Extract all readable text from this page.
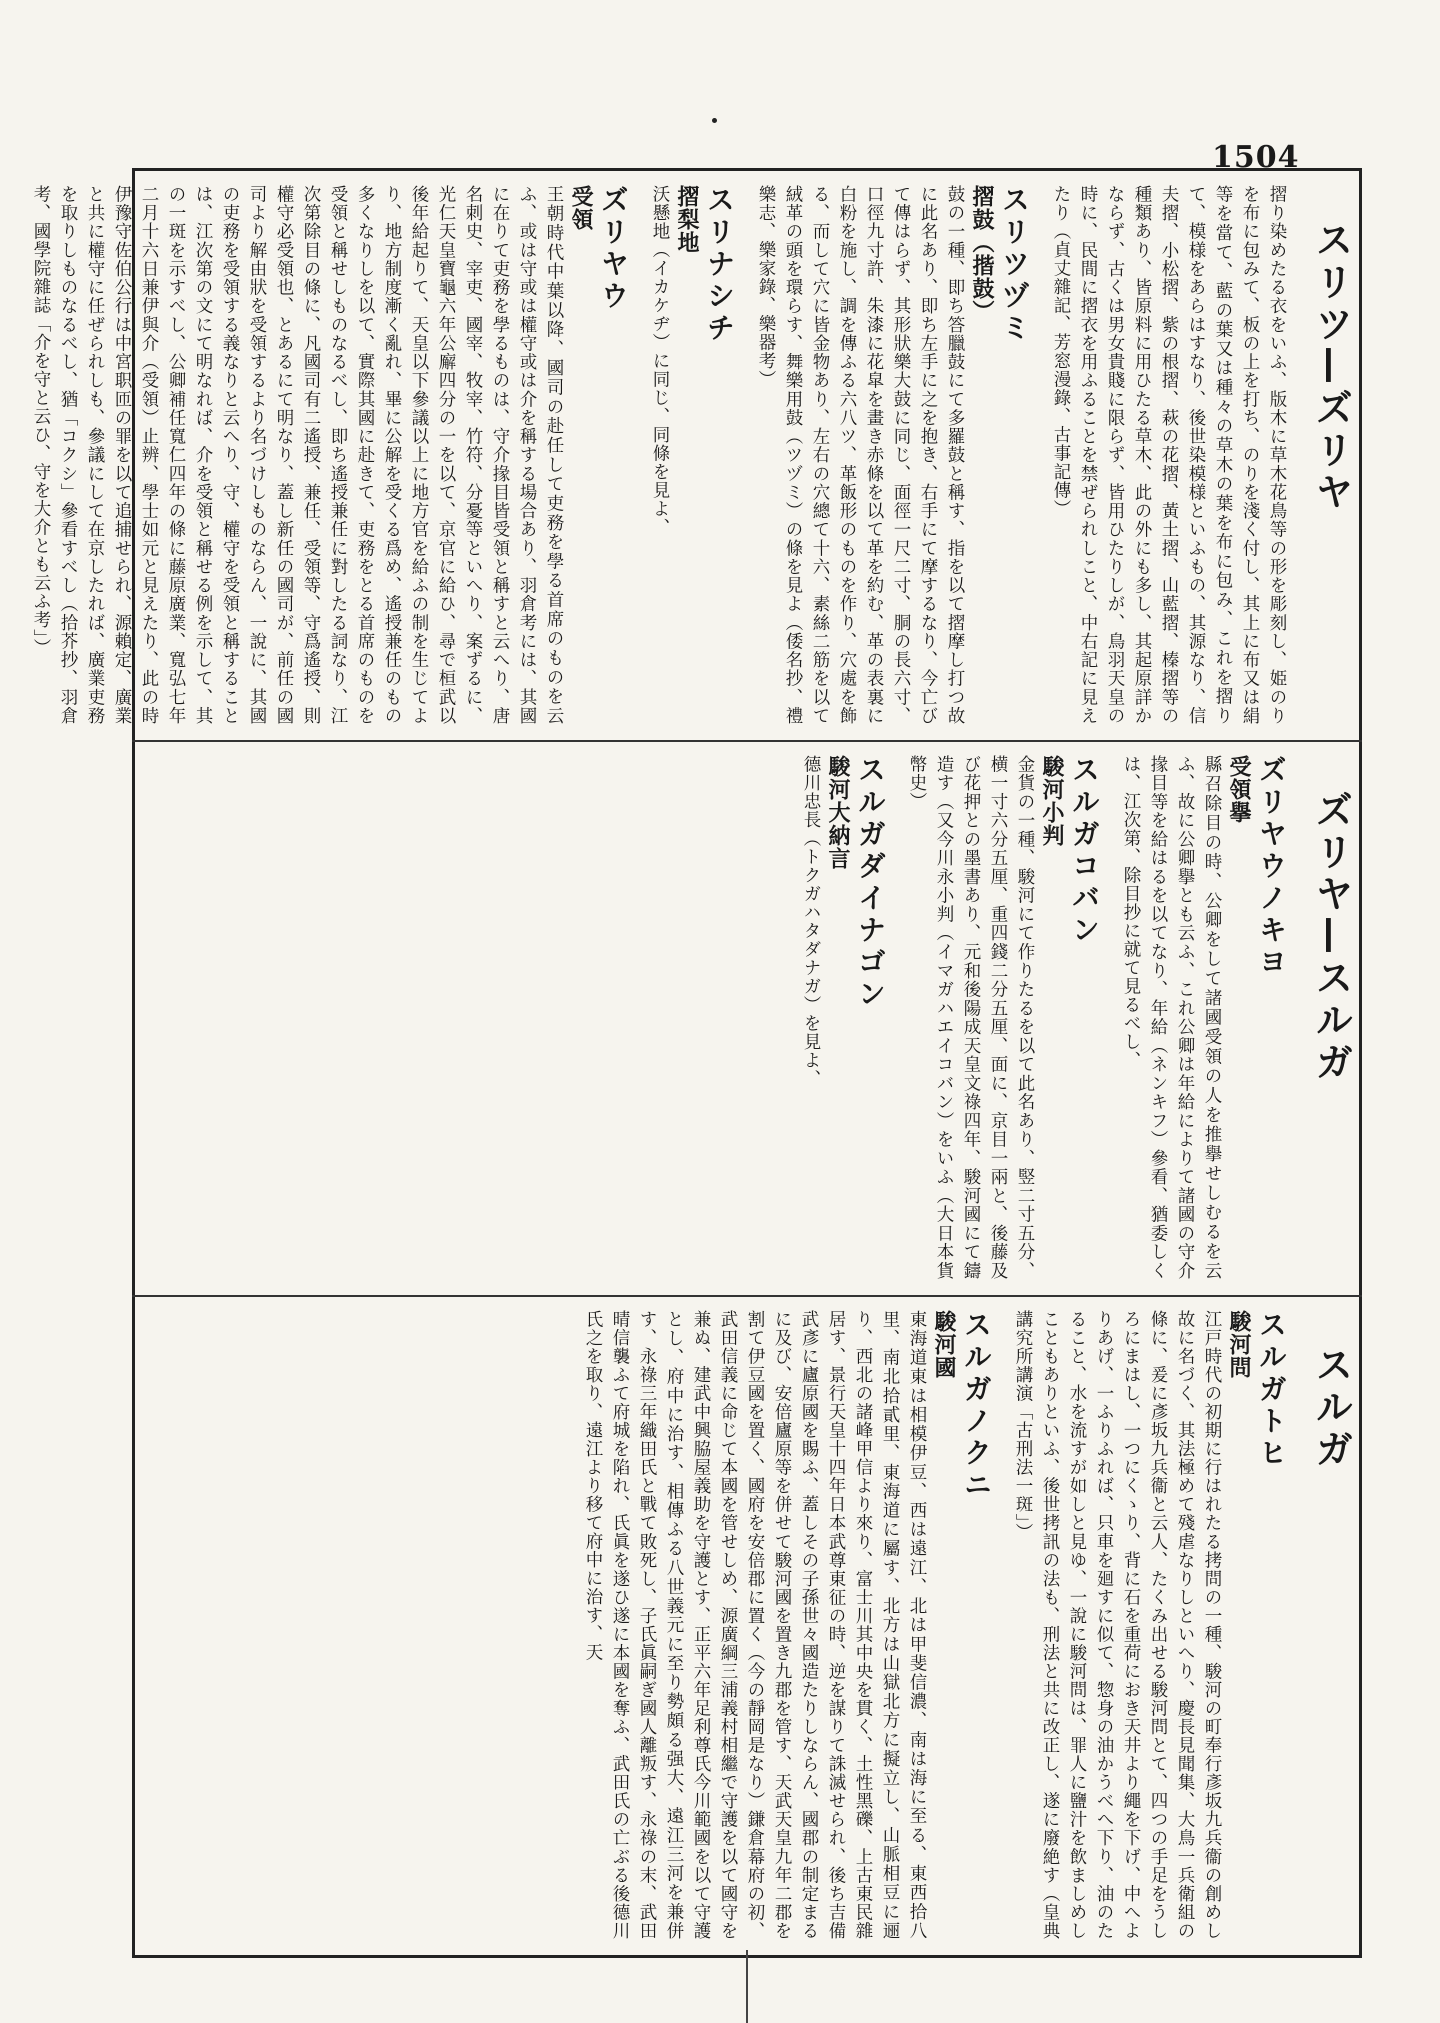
1504
スリツ—ズリヤ
ズリヤ—スルガ
スルガ
摺り染めたる衣をいふ、版木に草木花鳥等の形を彫刻し、姫のりを布に包みて、板の上を打ち、のりを淺く付し、其上に布又は絹等を當て、藍の葉又は種々の草木の葉を布に包み、これを摺りて、模様をあらはすなり、後世染模様といふもの、其源なり、信夫摺、小松摺、紫の根摺、萩の花摺、黃土摺、山藍摺、榛摺等の種類あり、皆原料に用ひたる草木、此の外にも多し、其起原詳かならず、古くは男女貴賤に限らず、皆用ひたりしが、鳥羽天皇の時に、民間に摺衣を用ふることを禁ぜられしこと、中右記に見えたり（貞丈雜記、芳窓漫錄、古事記傳）
スリツヅミ
摺鼓（揩鼓）
鼓の一種、即ち答臘鼓にて多羅鼓と稱す、指を以て摺摩し打つ故に此名あり、即ち左手に之を抱き、右手にて摩するなり、今亡びて傳はらず、其形狀樂大鼓に同じ、面徑一尺二寸、胴の長六寸、口徑九寸許、朱漆に花皐を畫き赤條を以て革を約む、革の表裏に白粉を施し、調を傳ふる六八ツ、革飯形のものを作り、穴處を飾る、而して穴に皆金物あり、左右の穴總て十六、素絲二筋を以て絨革の頭を環らす、舞樂用鼓（ツヅミ）の條を見よ（倭名抄、禮樂志、樂家錄、樂器考）
スリナシチ
摺梨地
沃懸地（イカケヂ）に同じ、同條を見よ、
ズリヤウ
受領
王朝時代中葉以降、國司の赴任して吏務を學る首席のものを云ふ、或は守或は權守或は介を稱する場合あり、羽倉考には、其國に在りて吏務を學るものは、守介掾目皆受領と稱すと云へり、唐名刺史、宰吏、國宰、牧宰、竹符、分憂等といへり、案ずるに、光仁天皇寶龜六年公廨四分の一を以て、京官に給ひ、尋で桓武以後年給起りて、天皇以下參議以上に地方官を給ふの制を生じてより、地方制度漸く亂れ、畢に公解を受くる爲め、遙授兼任のもの多くなりしを以て、實際其國に赴きて、吏務をとる首席のものを受領と稱せしものなるべし、即ち遙授兼任に對したる詞なり、江次第除目の條に、凡國司有二遙授、兼任、受領等、守爲遙授、則權守必受領也、とあるにて明なり、蓋し新任の國司が、前任の國司より解由狀を受領するより名づけしものならん、一說に、其國の吏務を受領する義なりと云へり、守、權守を受領と稱することは、江次第の文にて明なれば、介を受領と稱せる例を示して、其の一斑を示すべし、公卿補任寬仁四年の條に藤原廣業、寬弘七年二月十六日兼伊與介（受領）止辨、學士如元と見えたり、此の時伊豫守佐伯公行は中宮职匝の罪を以て追捕せられ、源賴定、廣業と共に權守に任ぜられしも、參議にして在京したれば、廣業吏務を取りしものなるべし、猶「コクシ」參看すべし（拾芥抄、羽倉考、國學院雜誌「介を守と云ひ、守を大介とも云ふ考」）
ズリヤウノキヨ
受領擧
縣召除目の時、公卿をして諸國受領の人を推擧せしむるを云ふ、故に公卿擧とも云ふ、これ公卿は年給によりて諸國の守介掾目等を給はるを以てなり、年給（ネンキフ）參看、猶委しくは、江次第、除目抄に就て見るべし、
スルガコバン
駿河小判
金貨の一種、駿河にて作りたるを以て此名あり、竪二寸五分、横一寸六分五厘、重四錢二分五厘、面に、京目一兩と、後藤及び花押との墨書あり、元和後陽成天皇文祿四年、駿河國にて鑄造す（又今川永小判（イマガハエイコバン）をいふ（大日本貨幣史）
スルガダイナゴン
駿河大納言
德川忠長（トクガハタダナガ）を見よ、
スルガトヒ
駿河問
江戸時代の初期に行はれたる拷問の一種、駿河の町奉行彥坂九兵衞の創めし故に名づく、其法極めて殘虐なりしといへり、慶長見聞集、大鳥一兵衛組の條に、爰に彥坂九兵衞と云人、たくみ出せる駿河問とて、四つの手足をうしろにまはし、一つにくゝり、背に石を重荷におき天井より繩を下げ、中へよりあげ、一ふりふれば、只車を廻すに似て、惣身の油かうべへ下り、油のたること、水を流すが如しと見ゆ、一說に駿河問は、罪人に鹽汁を飲ましめしこともありといふ、後世拷訊の法も、刑法と共に改正し、遂に廢絶す（皇典講究所講演「古刑法一斑」）
スルガノクニ
駿河國
東海道東は相模伊豆、西は遠江、北は甲斐信濃、南は海に至る、東西拾八里、南北拾貳里、東海道に屬す、北方は山獄北方に擬立し、山脈相豆に逦り、西北の諸峰甲信より來り、富士川其中央を貫く、土性黑礫、上古東民雜居す、景行天皇十四年日本武尊東征の時、逆を謀りて誅滅せられ、後ち吉備武彥に廬原國を賜ふ、蓋しその子孫世々國造たりしならん、國郡の制定まるに及び、安倍廬原等を併せて駿河國を置き九郡を管す、天武天皇九年二郡を割て伊豆國を置く、國府を安倍郡に置く（今の靜岡是なり）鎌倉幕府の初、武田信義に命じて本國を管せしめ、源廣綱三浦義村相繼で守護を以て國守を兼ぬ、建武中興脇屋義助を守護とす、正平六年足利尊氏今川範國を以て守護とし、府中に治す、相傳ふる八世義元に至り勢頗る强大、遠江三河を兼併す、永祿三年織田氏と戰て敗死し、子氏眞嗣ぎ國人離叛す、永祿の末、武田晴信襲ふて府城を陷れ、氏眞を遂ひ遂に本國を奪ふ、武田氏の亡ぶる後德川氏之を取り、遠江より移て府中に治す、天
